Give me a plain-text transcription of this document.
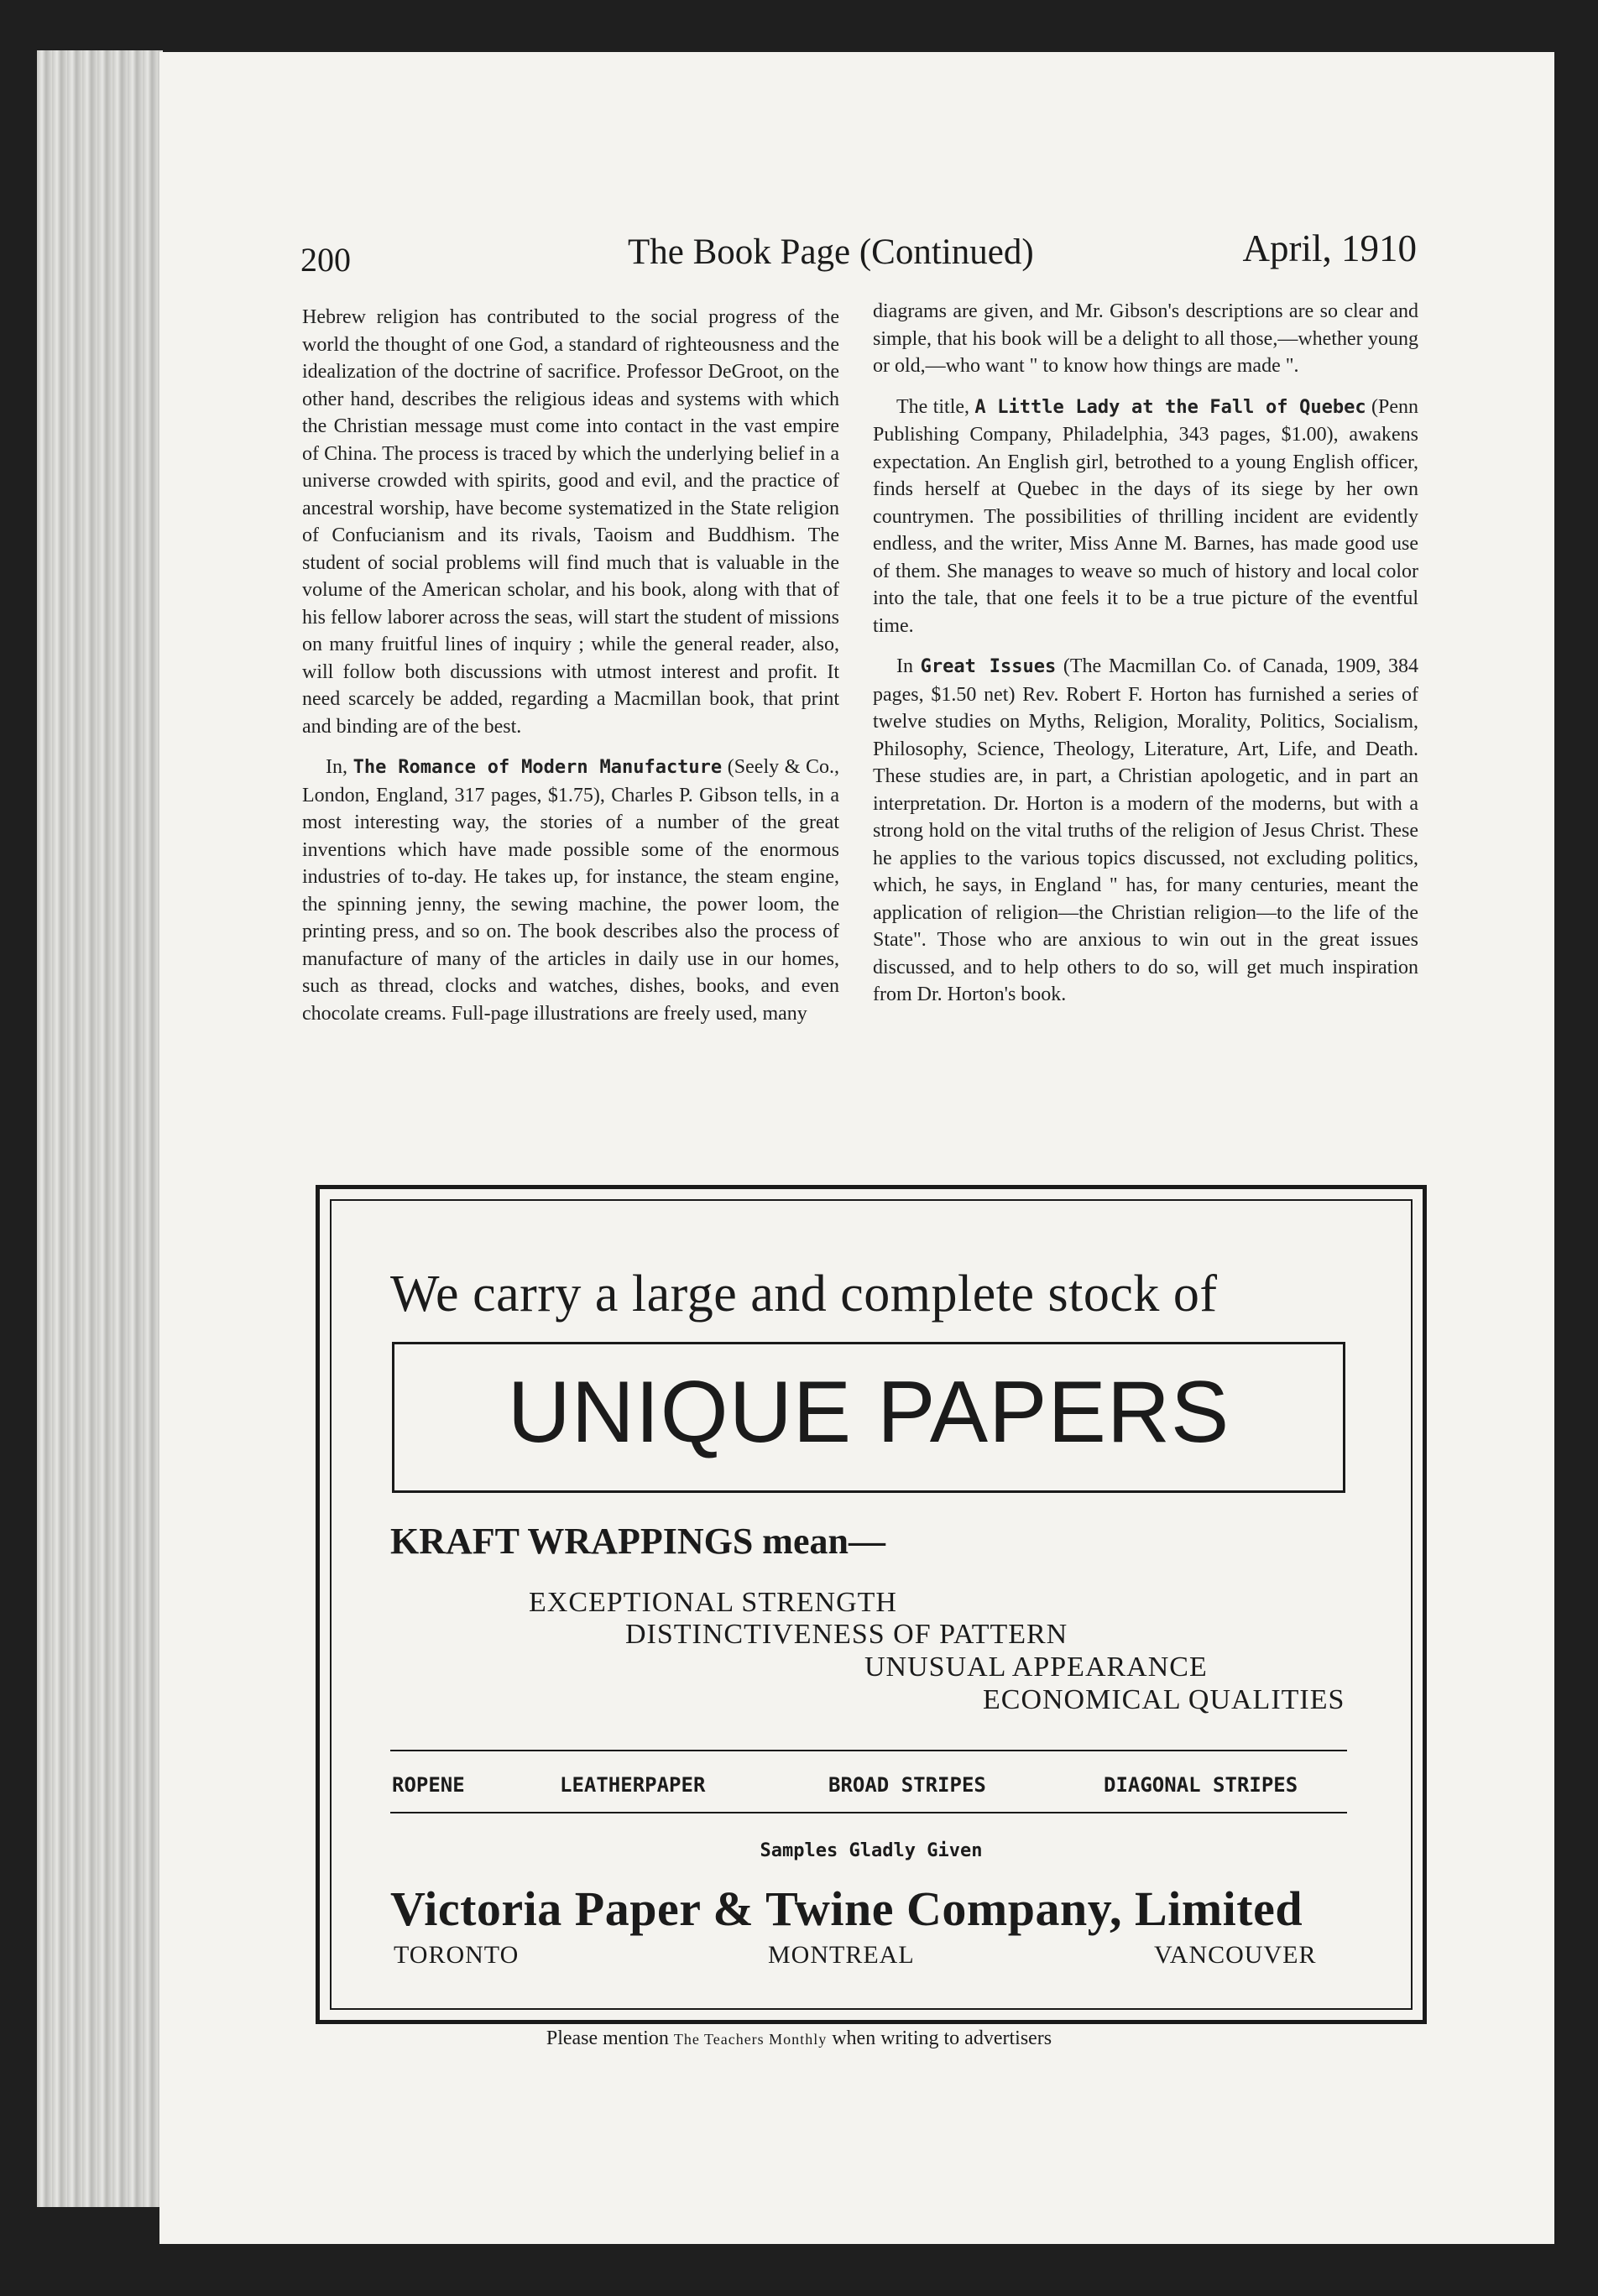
200	The Book Page (Continued)	April, 1910

Hebrew religion has contributed to the social progress of the world the thought of one God, a standard of righteousness and the idealization of the doctrine of sacrifice. Professor DeGroot, on the other hand, describes the religious ideas and systems with which the Christian message must come into contact in the vast empire of China. The process is traced by which the underlying belief in a universe crowded with spirits, good and evil, and the practice of ancestral worship, have become systematized in the State religion of Confucianism and its rivals, Taoism and Buddhism. The student of social problems will find much that is valuable in the volume of the American scholar, and his book, along with that of his fellow laborer across the seas, will start the student of missions on many fruitful lines of inquiry ; while the general reader, also, will follow both discussions with utmost interest and profit. It need scarcely be added, regarding a Macmillan book, that print and binding are of the best.

In, The Romance of Modern Manufacture (Seely & Co., London, England, 317 pages, $1.75), Charles P. Gibson tells, in a most interesting way, the stories of a number of the great inventions which have made possible some of the enormous industries of to-day. He takes up, for instance, the steam engine, the spinning jenny, the sewing machine, the power loom, the printing press, and so on. The book describes also the process of manufacture of many of the articles in daily use in our homes, such as thread, clocks and watches, dishes, books, and even chocolate creams. Full-page illustrations are freely used, many

diagrams are given, and Mr. Gibson's descriptions are so clear and simple, that his book will be a delight to all those,—whether young or old,—who want " to know how things are made ".

The title, A Little Lady at the Fall of Quebec (Penn Publishing Company, Philadelphia, 343 pages, $1.00), awakens expectation. An English girl, betrothed to a young English officer, finds herself at Quebec in the days of its siege by her own countrymen. The possibilities of thrilling incident are evidently endless, and the writer, Miss Anne M. Barnes, has made good use of them. She manages to weave so much of history and local color into the tale, that one feels it to be a true picture of the eventful time.

In Great Issues (The Macmillan Co. of Canada, 1909, 384 pages, $1.50 net) Rev. Robert F. Horton has furnished a series of twelve studies on Myths, Religion, Morality, Politics, Socialism, Philosophy, Science, Theology, Literature, Art, Life, and Death. These studies are, in part, a Christian apologetic, and in part an interpretation. Dr. Horton is a modern of the moderns, but with a strong hold on the vital truths of the religion of Jesus Christ. These he applies to the various topics discussed, not excluding politics, which, he says, in England " has, for many centuries, meant the application of religion—the Christian religion—to the life of the State". Those who are anxious to win out in the great issues discussed, and to help others to do so, will get much inspiration from Dr. Horton's book.

We carry a large and complete stock of
UNIQUE PAPERS
KRAFT WRAPPINGS mean—
EXCEPTIONAL STRENGTH
DISTINCTIVENESS OF PATTERN
UNUSUAL APPEARANCE
ECONOMICAL QUALITIES
ROPENE	LEATHERPAPER	BROAD STRIPES	DIAGONAL STRIPES
Samples Gladly Given
Victoria Paper & Twine Company, Limited
TORONTO	MONTREAL	VANCOUVER
Please mention The Teachers Monthly when writing to advertisers
